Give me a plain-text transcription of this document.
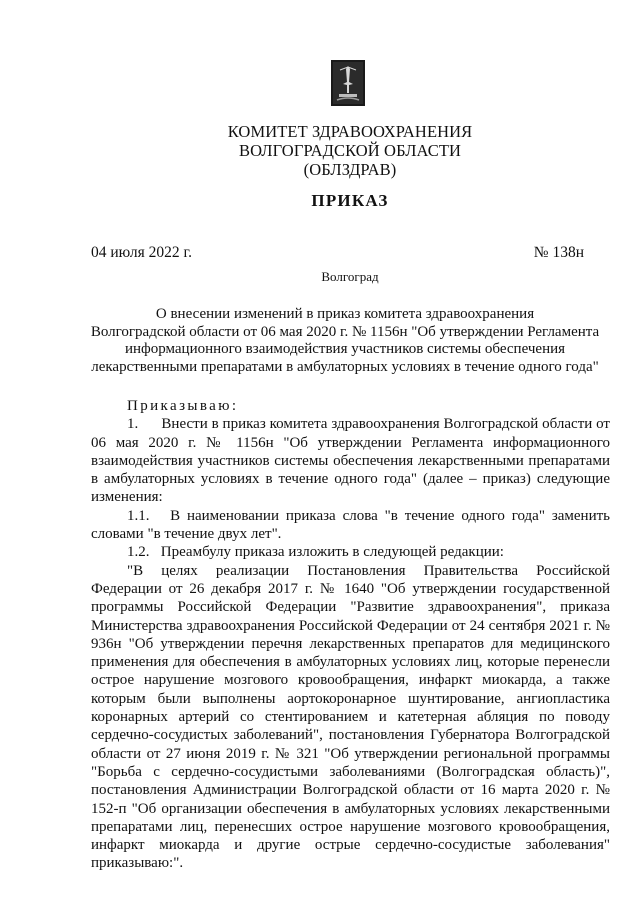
КОМИТЕТ ЗДРАВООХРАНЕНИЯ
ВОЛГОГРАДСКОЙ ОБЛАСТИ
(ОБЛЗДРАВ)
ПРИКАЗ
04 июля 2022 г.	№ 138н
Волгоград
О внесении изменений в приказ комитета здравоохранения
Волгоградской области от 06 мая 2020 г. № 1156н "Об утверждении Регламента
информационного взаимодействия участников системы обеспечения
лекарственными препаратами в амбулаторных условиях в течение одного года"

Приказываю:

1.      Внести в приказ комитета здравоохранения Волгоградской области от 06 мая 2020 г. № 1156н "Об утверждении Регламента информационного взаимодействия участников системы обеспечения лекарственными препаратами в амбулаторных условиях в течение одного года" (далее – приказ) следующие изменения:

1.1.   В наименовании приказа слова "в течение одного года" заменить словами "в течение двух лет".

1.2.   Преамбулу приказа изложить в следующей редакции:

"В целях реализации Постановления Правительства Российской Федерации от 26 декабря 2017 г. № 1640 "Об утверждении государственной программы Российской Федерации "Развитие здравоохранения", приказа Министерства здравоохранения Российской Федерации от 24 сентября 2021 г. № 936н "Об утверждении перечня лекарственных препаратов для медицинского применения для обеспечения в амбулаторных условиях лиц, которые перенесли острое нарушение мозгового кровообращения, инфаркт миокарда, а также которым были выполнены аортокоронарное шунтирование, ангиопластика коронарных артерий со стентированием и катетерная абляция по поводу сердечно-сосудистых заболеваний", постановления Губернатора Волгоградской области от 27 июня 2019 г. № 321 "Об утверждении региональной программы "Борьба с сердечно-сосудистыми заболеваниями (Волгоградская область)", постановления Администрации Волгоградской области от 16 марта 2020 г. № 152-п "Об организации обеспечения в амбулаторных условиях лекарственными препаратами лиц, перенесших острое нарушение мозгового кровообращения, инфаркт миокарда и другие острые сердечно-сосудистые заболевания" приказываю:".
